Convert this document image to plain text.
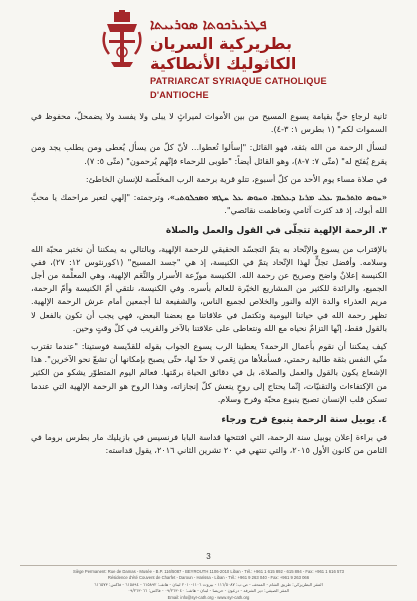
ܦܛܪܝܪܟܘܬܐ ܣܘܪܝܝܬܐ
بطريركية السريان الكاثوليك الأنطاكية
PATRIARCAT SYRIAQUE CATHOLIQUE D'ANTIOCHE

ثانية لرجاءٍ حيٍّ بقيامة يسوع المسيح من بين الأموات لميراثٍ لا يبلى ولا يفسد ولا يضمحلّ، محفوظ في السموات لكم" (١ بطرس ١: ٣-٤).

لنسأل الرحمة من الله بثقة، فهو القائل: "إسألوا تُعطوا... لأنّ كلّ من يسأل يُعطى ومن يطلب يجد ومن يقرع يُفتَح له" (متّى ٧: ٧-٨)، وهو القائل أيضاً: "طوبى للرحماء فإنّهم يُرحمون" (متّى ٥: ٧).

في صلاة مساء يوم الأحد من كلّ أسبوع، تتلو قرية برحمة الرب المخلّصة للإنسان الخاطئ:

«ܚܘܣ ܘܐܬܪܚܡ ܥܠܝ ܡܪܝܐ ܕܥܠܡܐ، ܘܚܘܣ ܥܠ ܚܛܗܝ ܘܣܟܠܘܬܝ»، وترجمته: "إلهي لتعبر مراحمك يا محبَّ الله أبوك، إذ قد كثرت آثامي وتعاظمت نقائصي".

٣. الرحمة الإلهية تتجلّى في القول والعمل والصلاة

بالإقتراب من يسوع والإتّحاد به يتمّ التجسّد الحقيقي للرحمة الإلهية، وبالتالي به يمكننا أن نختبر محبّة الله وسلامه. وأفضل تجلٍّ لهذا الإتّحاد يتمّ في الكنيسة، إذ هي "جسد المسيح" (١كورنثوس ١٢: ٢٧)، ففي الكنيسة إعلانٌ واضح وصريح عن رحمة الله. الكنيسة موزّعة الأسرار والنِّعَم الإلهية، وهي المعلِّمة من أجل الجميع، والرائدة للكثير من المشاريع الخيّرة للعالم بأسره. وفي الكنيسة، نلتقي أمّ الكنيسة وأمّ الرحمة، مريم العذراء والدة الإله والنور والخلاص لجميع الناس، والشفيعة لنا أجمعين أمام عرش الرحمة الإلهية. تظهر رحمة الله في حياتنا اليومية وتكتمل في علاقاتنا مع بعضنا البعض، فهي يجب أن تكون بالفعل لا بالقول فقط، إنّها التزامٌ نحياه مع الله ونتعاطى على علاقتنا بالآخر والقريب في كلّ وقتٍ وحين.

كيف يمكننا أن نقوم بأعمال الرحمة؟ يعطينا الرب يسوع الجواب بقوله للقدّيسة فوستينا: "عندما تقترب منّي النفس بثقة طالبة رحمتي، فسأملأها من نِعَمي لا حدّ لها، حتّى يصبح بإمكانها أن تشعّ نحو الآخرين". هذا الإشعاع يكون بالقول والعمل والصلاة، بل في دقائق الحياة برمّتها. فعالم اليوم المتطوّر يشكو من الكثير من الإكتفاءات والتقنيّات، إنّما يحتاج إلى روحٍ ينعش كلّ إنجازاته، وهذا الروح هو الرحمة الإلهية التي عندما تسكن قلب الإنسان تصبح ينبوع محبّة وفرح وسلام.

٤. يوبيل سنة الرحمة ينبوع فرح ورجاء

في براءة إعلان يوبيل سنة الرحمة، التي افتتحها قداسة البابا فرنسيس في بازيليك مار بطرس بروما في الثامن من كانون الأول ٢٠١٥، والتي تنتهي في ٢٠ تشرين الثاني ٢٠١٦، يقول قداسته:

3
Siège Permanent: Rue de Damas - Musée - B.P. 116/5087 - BEYROUTH 1106-2010 Liban - Tél.: +961 1 615 892 - 615 894 - Fax: +961 1 616 573
Résidence d'été Couvent de Charfet - Daroun - Harissa - Liban - Tél.: +961 9 263 040 - Fax: +961 9 263 066
المقر البطريركي: طريق الشام - المتحف - ص.ب: ١١٦/٥٠٨٧ - بيروت ١١٠٦-٢٠١٠ لبنان - هاتف: ٦١٥٨٩٢ - ٦١٥٨٩٤ - فاكس: ٦١٦٥٧٣
المقر الصيفي: دير الشرفة - درعون - حريصا - لبنان - هاتف: ٠٩/٢٦٣٠٤٠ - فاكس: ٠٩/٢٦٣٠٦٦
Email: info@syr-cath.org - www.syr-cath.org
